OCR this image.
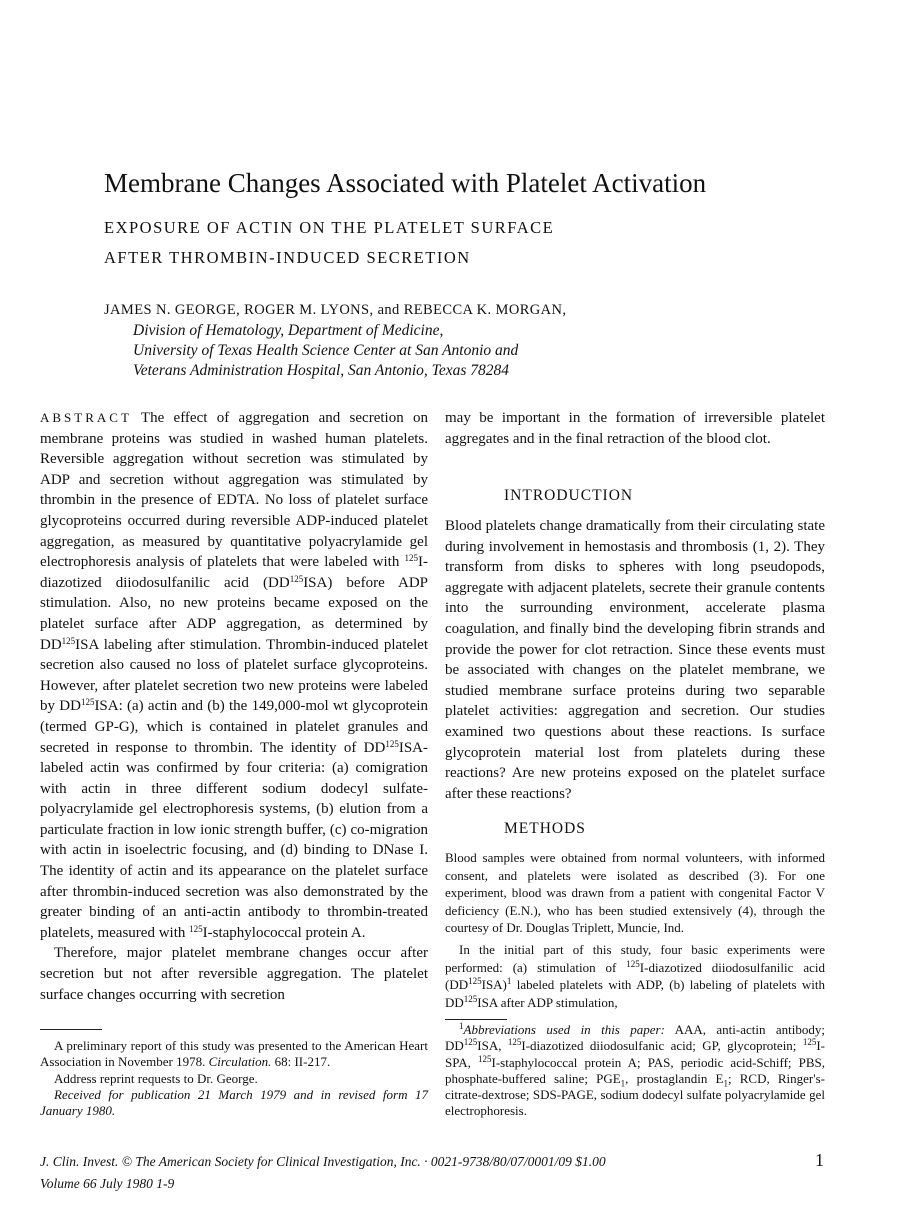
Membrane Changes Associated with Platelet Activation
EXPOSURE OF ACTIN ON THE PLATELET SURFACE
AFTER THROMBIN-INDUCED SECRETION
JAMES N. GEORGE, ROGER M. LYONS, and REBECCA K. MORGAN,
Division of Hematology, Department of Medicine,
University of Texas Health Science Center at San Antonio and
Veterans Administration Hospital, San Antonio, Texas 78284

ABSTRACT The effect of aggregation and secretion on membrane proteins was studied in washed human platelets. Reversible aggregation without secretion was stimulated by ADP and secretion without aggregation was stimulated by thrombin in the presence of EDTA. No loss of platelet surface glycoproteins occurred during reversible ADP-induced platelet aggregation, as measured by quantitative polyacrylamide gel electrophoresis analysis of platelets that were labeled with $^{125}$I-diazotized diiodosulfanilic acid (DD$^{125}$ISA) before ADP stimulation. Also, no new proteins became exposed on the platelet surface after ADP aggregation, as determined by DD$^{125}$ISA labeling after stimulation. Thrombin-induced platelet secretion also caused no loss of platelet surface glycoproteins. However, after platelet secretion two new proteins were labeled by DD$^{125}$ISA: (a) actin and (b) the 149,000-mol wt glycoprotein (termed GP-G), which is contained in platelet granules and secreted in response to thrombin. The identity of DD$^{125}$ISA-labeled actin was confirmed by four criteria: (a) comigration with actin in three different sodium dodecyl sulfate-polyacrylamide gel electrophoresis systems, (b) elution from a particulate fraction in low ionic strength buffer, (c) co-migration with actin in isoelectric focusing, and (d) binding to DNase I. The identity of actin and its appearance on the platelet surface after thrombin-induced secretion was also demonstrated by the greater binding of an anti-actin antibody to thrombin-treated platelets, measured with $^{125}$I-staphylococcal protein A.

Therefore, major platelet membrane changes occur after secretion but not after reversible aggregation. The platelet surface changes occurring with secretion

may be important in the formation of irreversible platelet aggregates and in the final retraction of the blood clot.

INTRODUCTION

Blood platelets change dramatically from their circulating state during involvement in hemostasis and thrombosis (1, 2). They transform from disks to spheres with long pseudopods, aggregate with adjacent platelets, secrete their granule contents into the surrounding environment, accelerate plasma coagulation, and finally bind the developing fibrin strands and provide the power for clot retraction. Since these events must be associated with changes on the platelet membrane, we studied membrane surface proteins during two separable platelet activities: aggregation and secretion. Our studies examined two questions about these reactions. Is surface glycoprotein material lost from platelets during these reactions? Are new proteins exposed on the platelet surface after these reactions?

METHODS

Blood samples were obtained from normal volunteers, with informed consent, and platelets were isolated as described (3). For one experiment, blood was drawn from a patient with congenital Factor V deficiency (E.N.), who has been studied extensively (4), through the courtesy of Dr. Douglas Triplett, Muncie, Ind.

In the initial part of this study, four basic experiments were performed: (a) stimulation of $^{125}$I-diazotized diiodosulfanilic acid $(DD^{125}ISA)^1$ labeled platelets with ADP, (b) labeling of platelets with DD$^{125}$ISA after ADP stimulation,

A preliminary report of this study was presented to the American Heart Association in November 1978. Circulation. 68: II-217.

Address reprint requests to Dr. George.

Received for publication 21 March 1979 and in revised form 17 January 1980.

$^1$Abbreviations used in this paper: AAA, anti-actin antibody; DD$^{125}$ISA, $^{125}$I-diazotized diiodosulfanic acid; GP, glycoprotein; $^{125}$I-SPA, $^{125}$I-staphylococcal protein A; PAS, periodic acid-Schiff; PBS, phosphate-buffered saline; $PGE_1$, prostaglandin $E_1$; RCD, Ringer's-citrate-dextrose; SDS-PAGE, sodium dodecyl sulfate polyacrylamide gel electrophoresis.

J. Clin. Invest. © The American Society for Clinical Investigation, Inc. · 0021-9738/80/07/0001/09 $1.00
Volume 66 July 1980 1-9
1
